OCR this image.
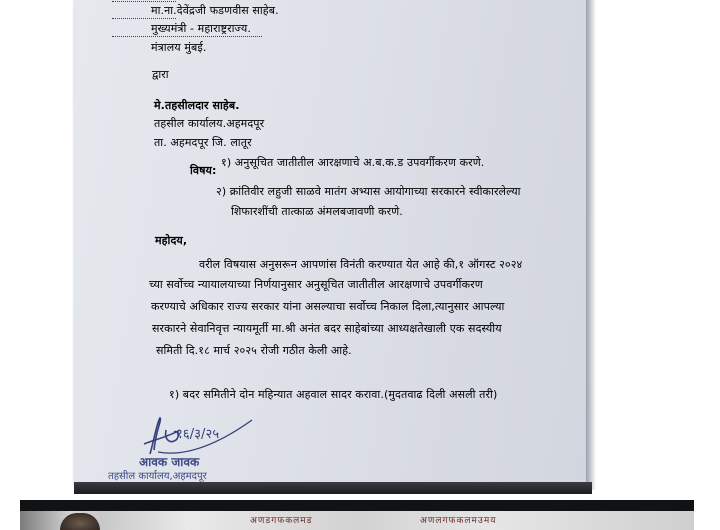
मा.ना.देवेंद्रजी फडणवीस साहेब.
मुख्यमंत्री - महाराष्ट्रराज्य.
मंत्रालय मुंबई.
द्वारा
मे.तहसीलदार साहेब.
तहसील कार्यालय.अहमदपूर
ता. अहमदपूर जि. लातूर
विषय:
१) अनुसूचित जातीतील आरक्षणाचे अ.ब.क.ड उपवर्गीकरण करणे.
२) क्रांतिवीर लहुजी साळवे मातंग अभ्यास आयोगाच्या सरकारने स्वीकारलेल्या
शिफारशींची तात्काळ अंमलबजावणी करणे.
महोदय,
वरील विषयास अनुसरून आपणांस विनंती करण्यात येत आहे की,१ ऑगस्ट २०२४
च्या सर्वोच्च न्यायालयाच्या निर्णयानुसार अनुसूचित जातीतील आरक्षणाचे उपवर्गीकरण
करण्याचे अधिकार राज्य सरकार यांना असल्याचा सर्वोच्च निकाल दिला,त्यानुसार आपल्या
सरकारने सेवानिवृत्त न्यायमूर्ती मा.श्री अनंत बदर साहेबांच्या आध्यक्षतेखाली एक सदस्यीय
समिती दि.१८ मार्च २०२५ रोजी गठीत केली आहे.
१) बदर समितीने दोन महिन्यात अहवाल सादर करावा.(मुदतवाढ दिली असली तरी)
१६/३/२५
आवक जावक
तहसील कार्यालय,अहमदपूर
अणडगफकलमड	अणलगफकलमउमय
